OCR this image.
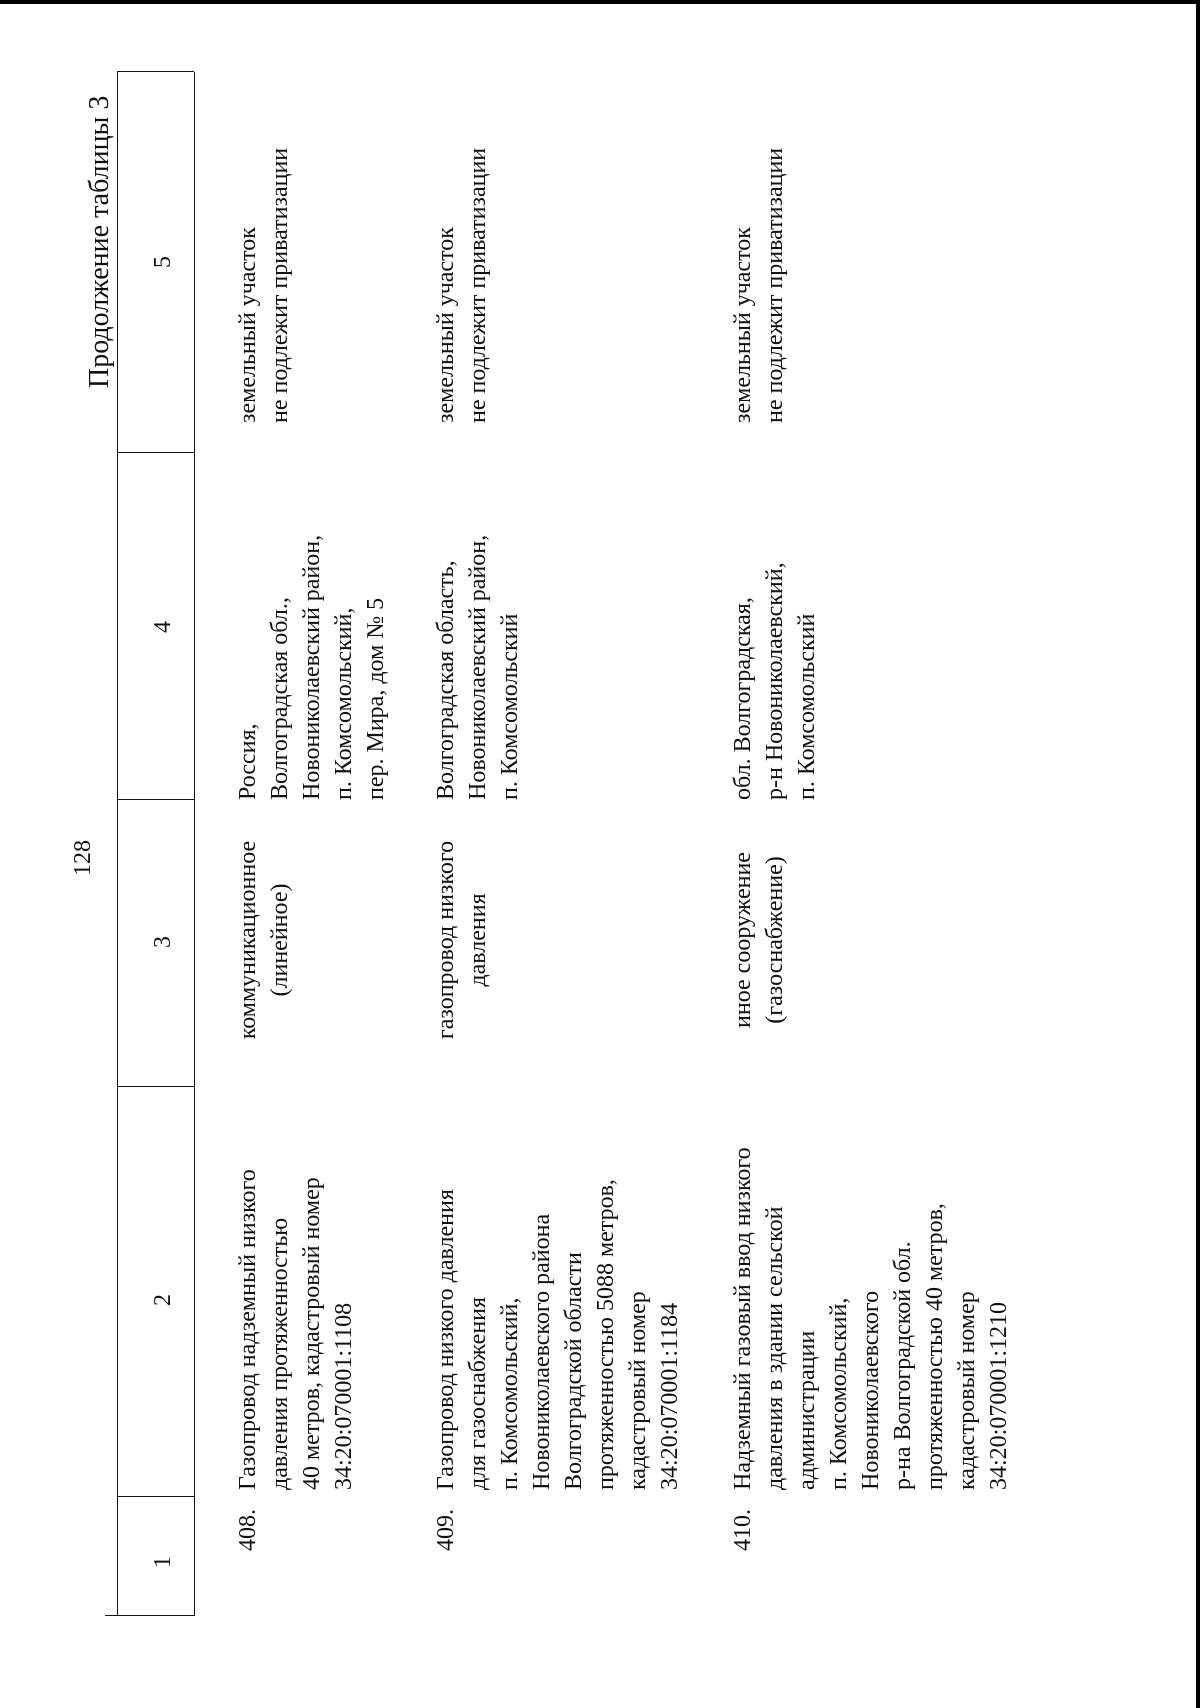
128
Продолжение таблицы 3
1
2
3
4
5
408.
Газопровод надземный низкого давления протяженностью 40 метров, кадастровый номер 34:20:070001:1108
коммуникационное (линейное)
Россия, Волгоградская обл., Новониколаевский район, п. Комсомольский, пер. Мира, дом № 5
земельный участок не подлежит приватизации
409.
Газопровод низкого давления для газоснабжения п. Комсомольский, Новониколаевского района Волгоградской области протяженностью 5088 метров, кадастровый номер 34:20:070001:1184
газопровод низкого давления
Волгоградская область, Новониколаевский район, п. Комсомольский
земельный участок не подлежит приватизации
410.
Надземный газовый ввод низкого давления в здании сельской администрации п. Комсомольский, Новониколаевского р-на Волгоградской обл. протяженностью 40 метров, кадастровый номер 34:20:070001:1210
иное сооружение (газоснабжение)
обл. Волгоградская, р-н Новониколаевский, п. Комсомольский
земельный участок не подлежит приватизации
